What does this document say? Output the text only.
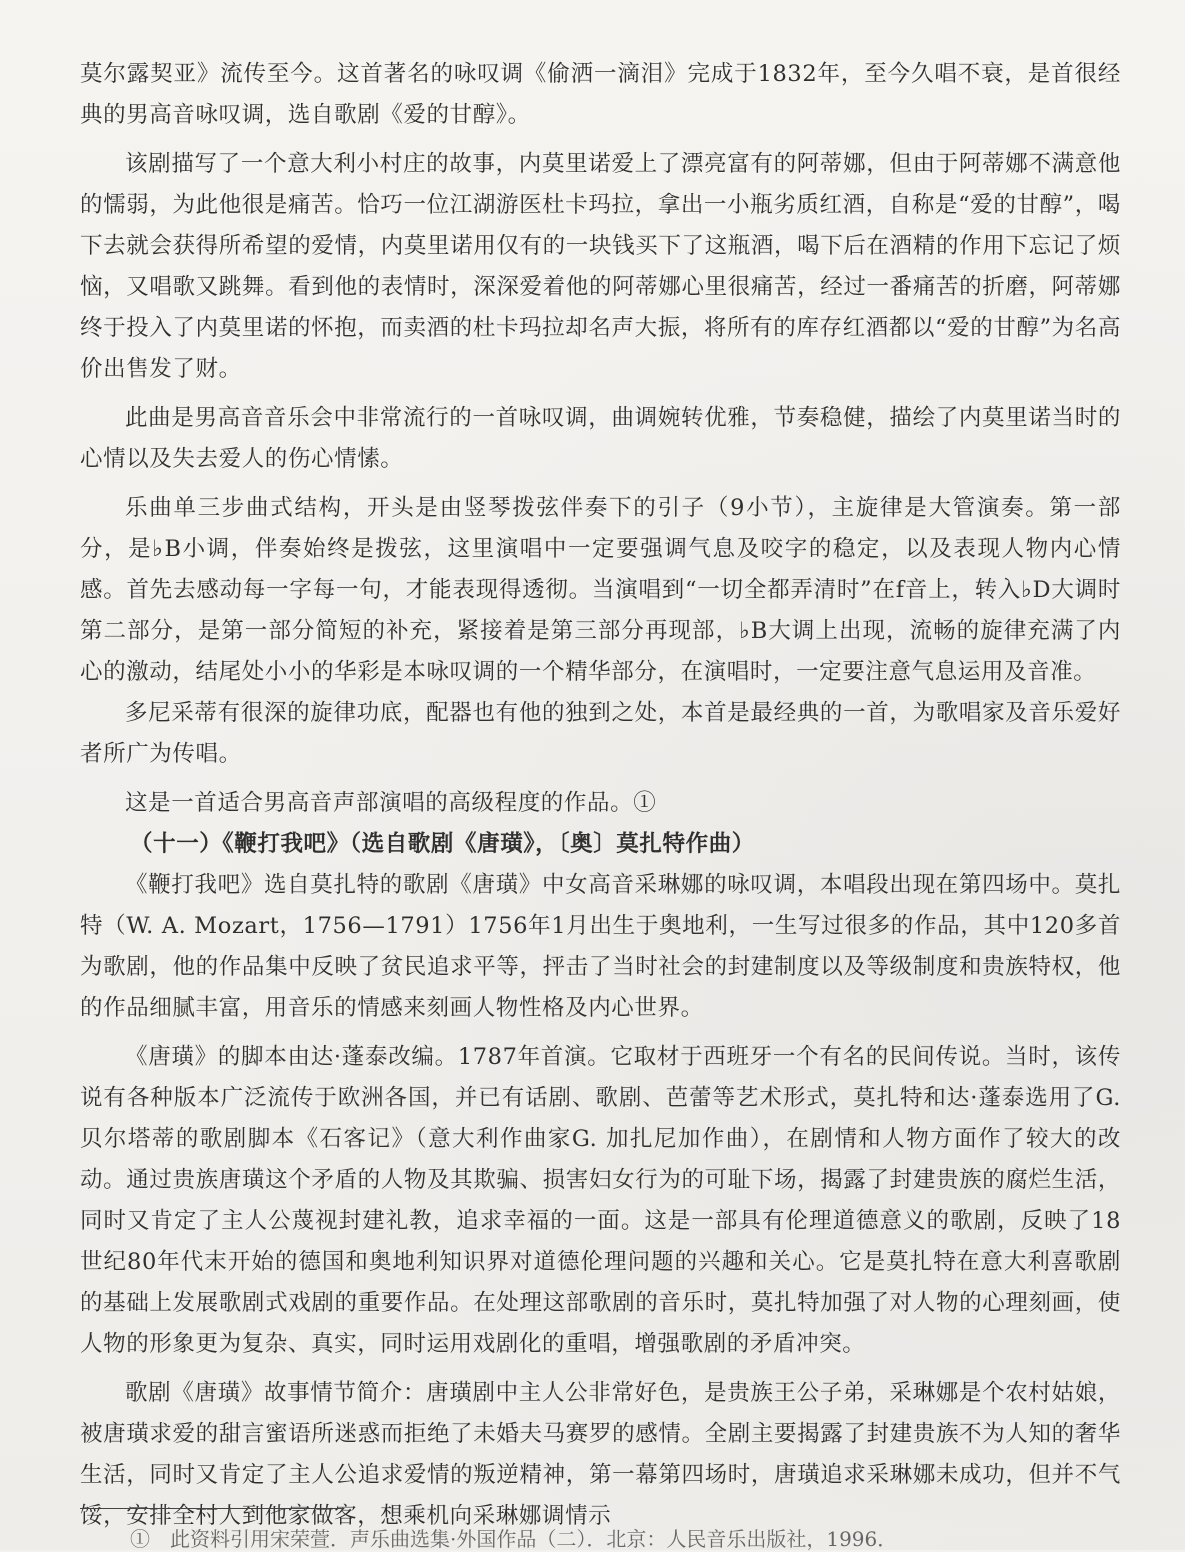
莫尔露契亚》流传至今。这首著名的咏叹调《偷洒一滴泪》完成于1832年，至今久唱不衰，是首很经典的男高音咏叹调，选自歌剧《爱的甘醇》。

该剧描写了一个意大利小村庄的故事，内莫里诺爱上了漂亮富有的阿蒂娜，但由于阿蒂娜不满意他的懦弱，为此他很是痛苦。恰巧一位江湖游医杜卡玛拉，拿出一小瓶劣质红酒，自称是“爱的甘醇”，喝下去就会获得所希望的爱情，内莫里诺用仅有的一块钱买下了这瓶酒，喝下后在酒精的作用下忘记了烦恼，又唱歌又跳舞。看到他的表情时，深深爱着他的阿蒂娜心里很痛苦，经过一番痛苦的折磨，阿蒂娜终于投入了内莫里诺的怀抱，而卖酒的杜卡玛拉却名声大振，将所有的库存红酒都以“爱的甘醇”为名高价出售发了财。

此曲是男高音音乐会中非常流行的一首咏叹调，曲调婉转优雅，节奏稳健，描绘了内莫里诺当时的心情以及失去爱人的伤心情愫。

乐曲单三步曲式结构，开头是由竖琴拨弦伴奏下的引子（9小节），主旋律是大管演奏。第一部分，是♭B小调，伴奏始终是拨弦，这里演唱中一定要强调气息及咬字的稳定，以及表现人物内心情感。首先去感动每一字每一句，才能表现得透彻。当演唱到“一切全都弄清时”在f音上，转入♭D大调时第二部分，是第一部分简短的补充，紧接着是第三部分再现部，♭B大调上出现，流畅的旋律充满了内心的激动，结尾处小小的华彩是本咏叹调的一个精华部分，在演唱时，一定要注意气息运用及音准。

多尼采蒂有很深的旋律功底，配器也有他的独到之处，本首是最经典的一首，为歌唱家及音乐爱好者所广为传唱。

这是一首适合男高音声部演唱的高级程度的作品。①

（十一）《鞭打我吧》（选自歌剧《唐璜》，〔奥〕莫扎特作曲）

《鞭打我吧》选自莫扎特的歌剧《唐璜》中女高音采琳娜的咏叹调，本唱段出现在第四场中。莫扎特（W. A. Mozart，1756—1791）1756年1月出生于奥地利，一生写过很多的作品，其中120多首为歌剧，他的作品集中反映了贫民追求平等，抨击了当时社会的封建制度以及等级制度和贵族特权，他的作品细腻丰富，用音乐的情感来刻画人物性格及内心世界。

《唐璜》的脚本由达·蓬泰改编。1787年首演。它取材于西班牙一个有名的民间传说。当时，该传说有各种版本广泛流传于欧洲各国，并已有话剧、歌剧、芭蕾等艺术形式，莫扎特和达·蓬泰选用了G. 贝尔塔蒂的歌剧脚本《石客记》（意大利作曲家G. 加扎尼加作曲），在剧情和人物方面作了较大的改动。通过贵族唐璜这个矛盾的人物及其欺骗、损害妇女行为的可耻下场，揭露了封建贵族的腐烂生活，同时又肯定了主人公蔑视封建礼教，追求幸福的一面。这是一部具有伦理道德意义的歌剧，反映了18世纪80年代末开始的德国和奥地利知识界对道德伦理问题的兴趣和关心。它是莫扎特在意大利喜歌剧的基础上发展歌剧式戏剧的重要作品。在处理这部歌剧的音乐时，莫扎特加强了对人物的心理刻画，使人物的形象更为复杂、真实，同时运用戏剧化的重唱，增强歌剧的矛盾冲突。

歌剧《唐璜》故事情节简介：唐璜剧中主人公非常好色，是贵族王公子弟，采琳娜是个农村姑娘，被唐璜求爱的甜言蜜语所迷惑而拒绝了未婚夫马赛罗的感情。全剧主要揭露了封建贵族不为人知的奢华生活，同时又肯定了主人公追求爱情的叛逆精神，第一幕第四场时，唐璜追求采琳娜未成功，但并不气馁，安排全村人到他家做客，想乘机向采琳娜调情示

①　此资料引用宋荣萱．声乐曲选集·外国作品（二）．北京：人民音乐出版社，1996．
